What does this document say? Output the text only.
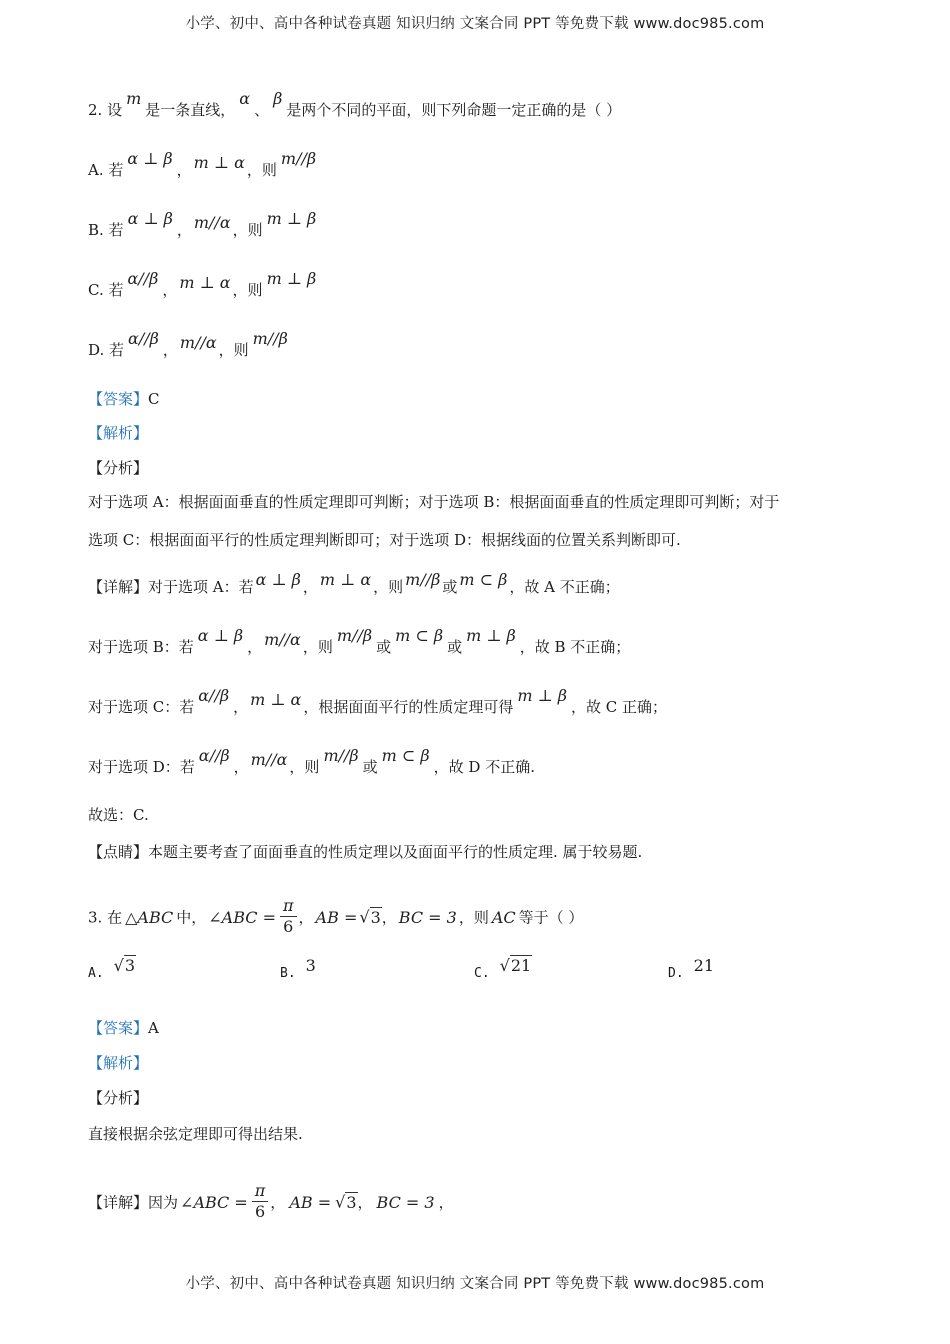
小学、初中、高中各种试卷真题 知识归纳 文案合同 PPT 等免费下载 www.doc985.com
2. 设m是一条直线，α、β是两个不同的平面，则下列命题一定正确的是（ ）
A. 若α ⊥ β， m ⊥ α ，则m//β
B. 若α ⊥ β， m//α ，则m ⊥ β
C. 若α//β， m ⊥ α ，则m ⊥ β
D. 若α//β， m//α ，则m//β
【答案】C
【解析】
【分析】
对于选项 A：根据面面垂直的性质定理即可判断；对于选项 B：根据面面垂直的性质定理即可判断；对于
选项 C：根据面面平行的性质定理判断即可；对于选项 D：根据线面的位置关系判断即可.
【详解】对于选项 A：若 α ⊥ β ， m ⊥ α ，则 m//β 或 m ⊂ β ，故 A 不正确；
对于选项 B：若α ⊥ β， m//α ，则m//β或m ⊂ β或m ⊥ β，故 B 不正确；
对于选项 C：若α//β， m ⊥ α ，根据面面平行的性质定理可得m ⊥ β，故 C 正确；
对于选项 D：若α//β， m//α ，则m//β或m ⊂ β，故 D 不正确.
故选：C.
【点睛】本题主要考查了面面垂直的性质定理以及面面平行的性质定理. 属于较易题.
3. 在 △ABC 中， ∠ABC = $\frac{\pi}{6}$ ， AB = √3， BC = 3 ，则 AC 等于（ ）
A. √3	B. 3	C. √21	D. 21
【答案】A
【解析】
【分析】
直接根据余弦定理即可得出结果.
【详解】因为 ∠ABC = $\frac{\pi}{6}$ ， AB = √3， BC = 3 ，
小学、初中、高中各种试卷真题 知识归纳 文案合同 PPT 等免费下载 www.doc985.com
